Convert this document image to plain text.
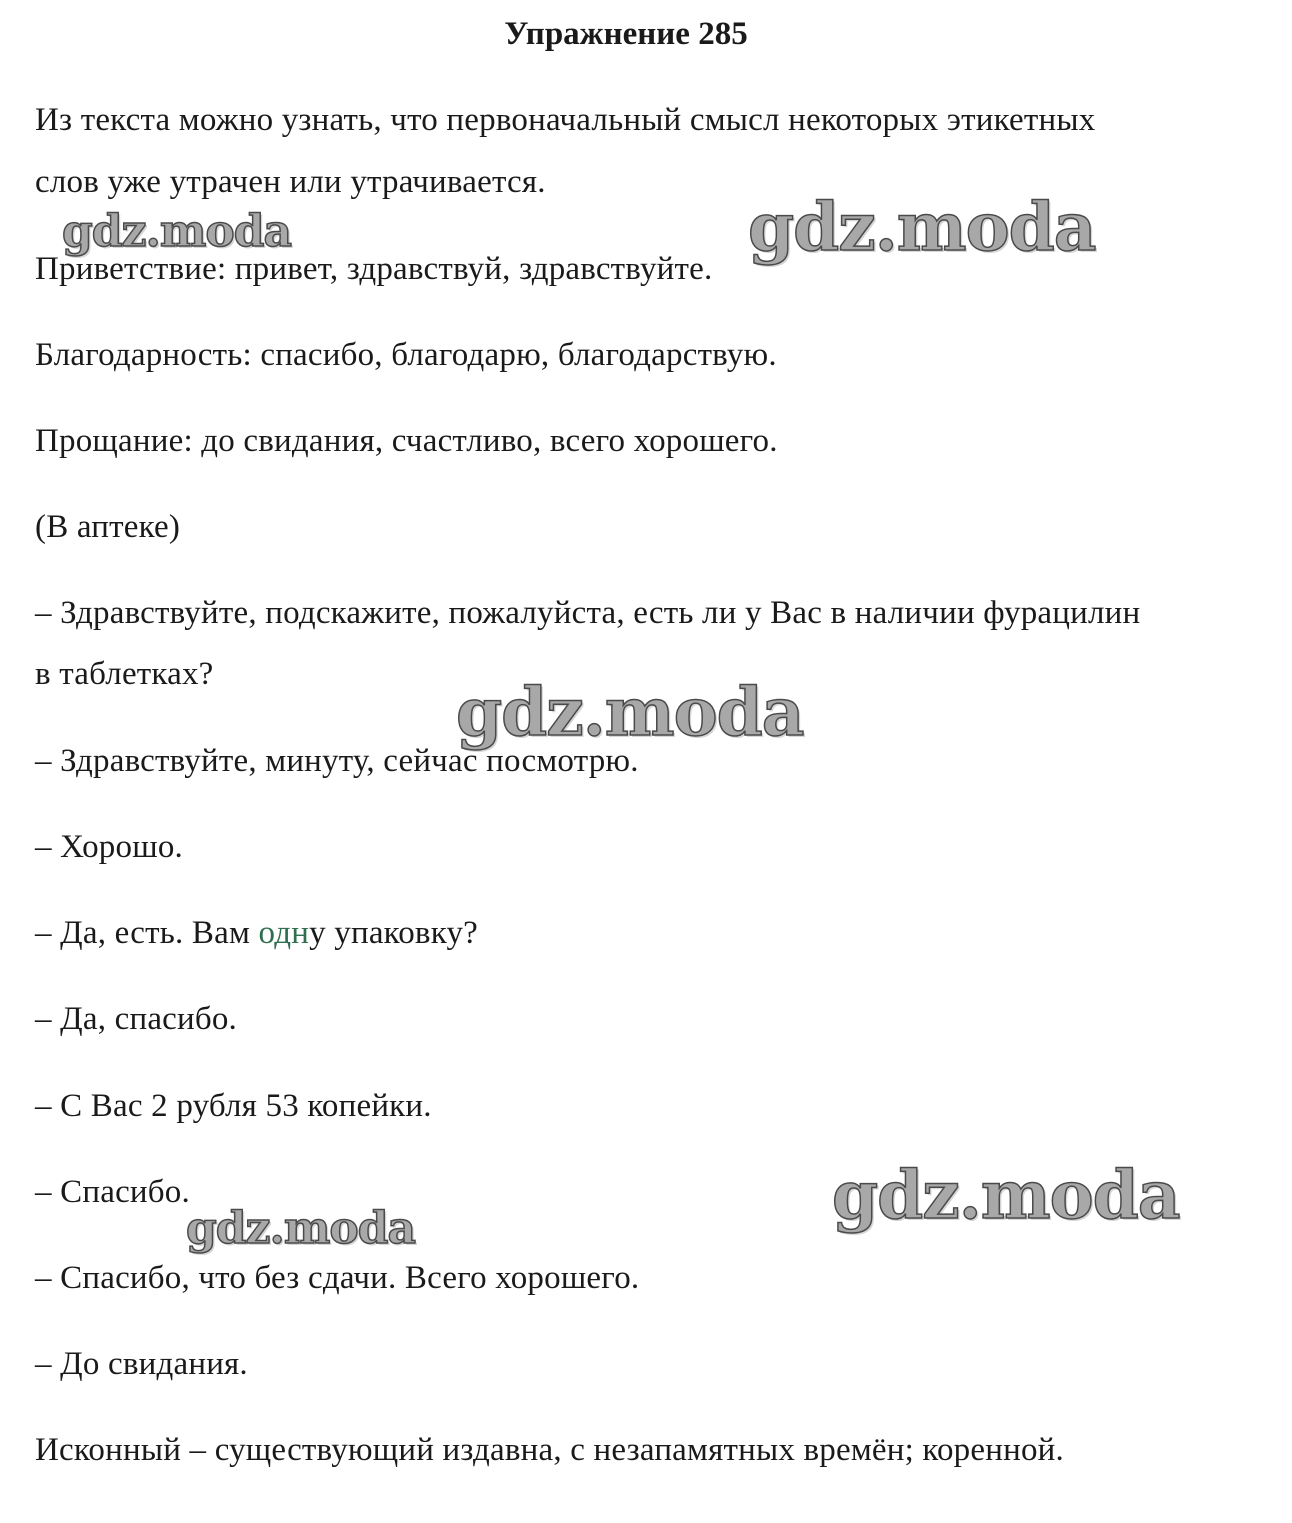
Упражнение 285

Из текста можно узнать, что первоначальный смысл некоторых этикетных

слов уже утрачен или утрачивается.

Приветствие: привет, здравствуй, здравствуйте.

Благодарность: спасибо, благодарю, благодарствую.

Прощание: до свидания, счастливо, всего хорошего.

(В аптеке)

– Здравствуйте, подскажите, пожалуйста, есть ли у Вас в наличии фурацилин

в таблетках?

– Здравствуйте, минуту, сейчас посмотрю.

– Хорошо.

– Да, есть. Вам одну упаковку?

– Да, спасибо.

– С Вас 2 рубля 53 копейки.

– Спасибо.

– Спасибо, что без сдачи. Всего хорошего.

– До свидания.

Исконный – существующий издавна, с незапамятных времён; коренной.

gdz.moda	gdz.moda
gdz.moda
gdz.moda	gdz.moda
